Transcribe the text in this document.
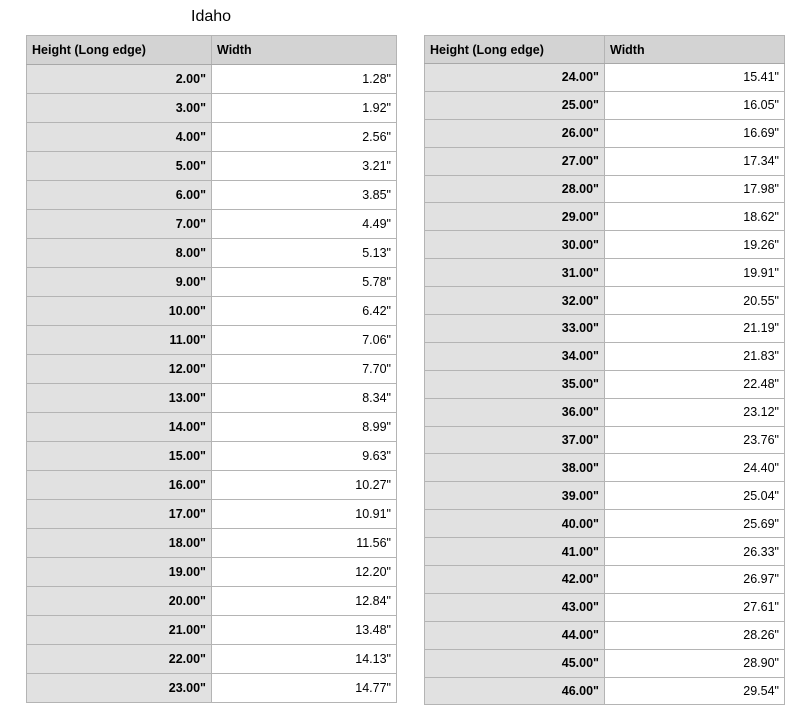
Idaho
Height (Long edge)	Width
2.00"	1.28"
3.00"	1.92"
4.00"	2.56"
5.00"	3.21"
6.00"	3.85"
7.00"	4.49"
8.00"	5.13"
9.00"	5.78"
10.00"	6.42"
11.00"	7.06"
12.00"	7.70"
13.00"	8.34"
14.00"	8.99"
15.00"	9.63"
16.00"	10.27"
17.00"	10.91"
18.00"	11.56"
19.00"	12.20"
20.00"	12.84"
21.00"	13.48"
22.00"	14.13"
23.00"	14.77"
Height (Long edge)	Width
24.00"	15.41"
25.00"	16.05"
26.00"	16.69"
27.00"	17.34"
28.00"	17.98"
29.00"	18.62"
30.00"	19.26"
31.00"	19.91"
32.00"	20.55"
33.00"	21.19"
34.00"	21.83"
35.00"	22.48"
36.00"	23.12"
37.00"	23.76"
38.00"	24.40"
39.00"	25.04"
40.00"	25.69"
41.00"	26.33"
42.00"	26.97"
43.00"	27.61"
44.00"	28.26"
45.00"	28.90"
46.00"	29.54"
